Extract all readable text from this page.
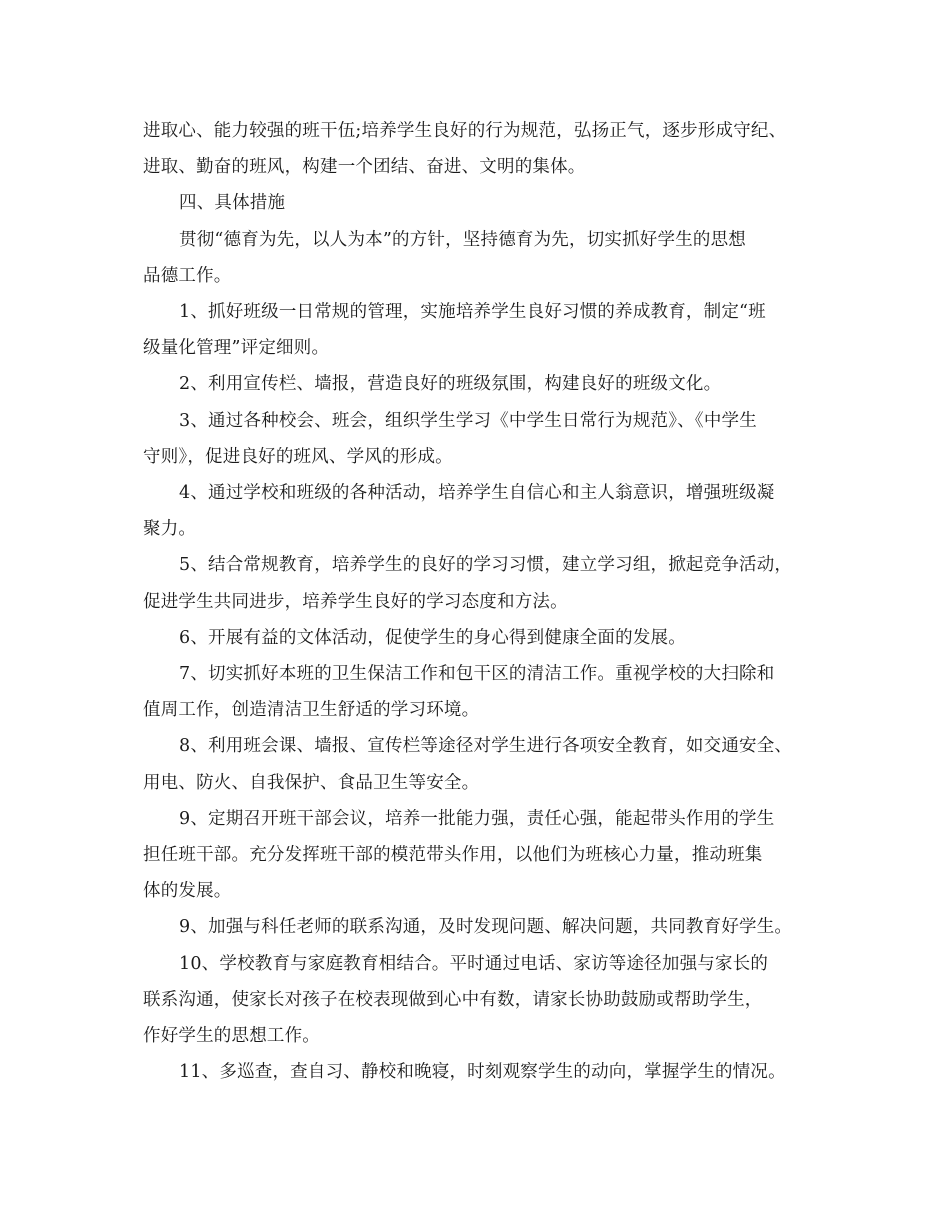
进取心、能力较强的班干伍;培养学生良好的行为规范，弘扬正气，逐步形成守纪、
进取、勤奋的班风，构建一个团结、奋进、文明的集体。

四、具体措施

贯彻“德育为先，以人为本”的方针，坚持德育为先，切实抓好学生的思想
品德工作。

1、抓好班级一日常规的管理，实施培养学生良好习惯的养成教育，制定“班
级量化管理”评定细则。

2、利用宣传栏、墙报，营造良好的班级氛围，构建良好的班级文化。

3、通过各种校会、班会，组织学生学习《中学生日常行为规范》、《中学生
守则》，促进良好的班风、学风的形成。

4、通过学校和班级的各种活动，培养学生自信心和主人翁意识，增强班级凝
聚力。

5、结合常规教育，培养学生的良好的学习习惯，建立学习组，掀起竞争活动，
促进学生共同进步，培养学生良好的学习态度和方法。

6、开展有益的文体活动，促使学生的身心得到健康全面的发展。

7、切实抓好本班的卫生保洁工作和包干区的清洁工作。重视学校的大扫除和
值周工作，创造清洁卫生舒适的学习环境。

8、利用班会课、墙报、宣传栏等途径对学生进行各项安全教育，如交通安全、
用电、防火、自我保护、食品卫生等安全。

9、定期召开班干部会议，培养一批能力强，责任心强，能起带头作用的学生
担任班干部。充分发挥班干部的模范带头作用，以他们为班核心力量，推动班集
体的发展。

9、加强与科任老师的联系沟通，及时发现问题、解决问题，共同教育好学生。

10、学校教育与家庭教育相结合。平时通过电话、家访等途径加强与家长的
联系沟通，使家长对孩子在校表现做到心中有数，请家长协助鼓励或帮助学生，
作好学生的思想工作。

11、多巡查，查自习、静校和晚寝，时刻观察学生的动向，掌握学生的情况。
